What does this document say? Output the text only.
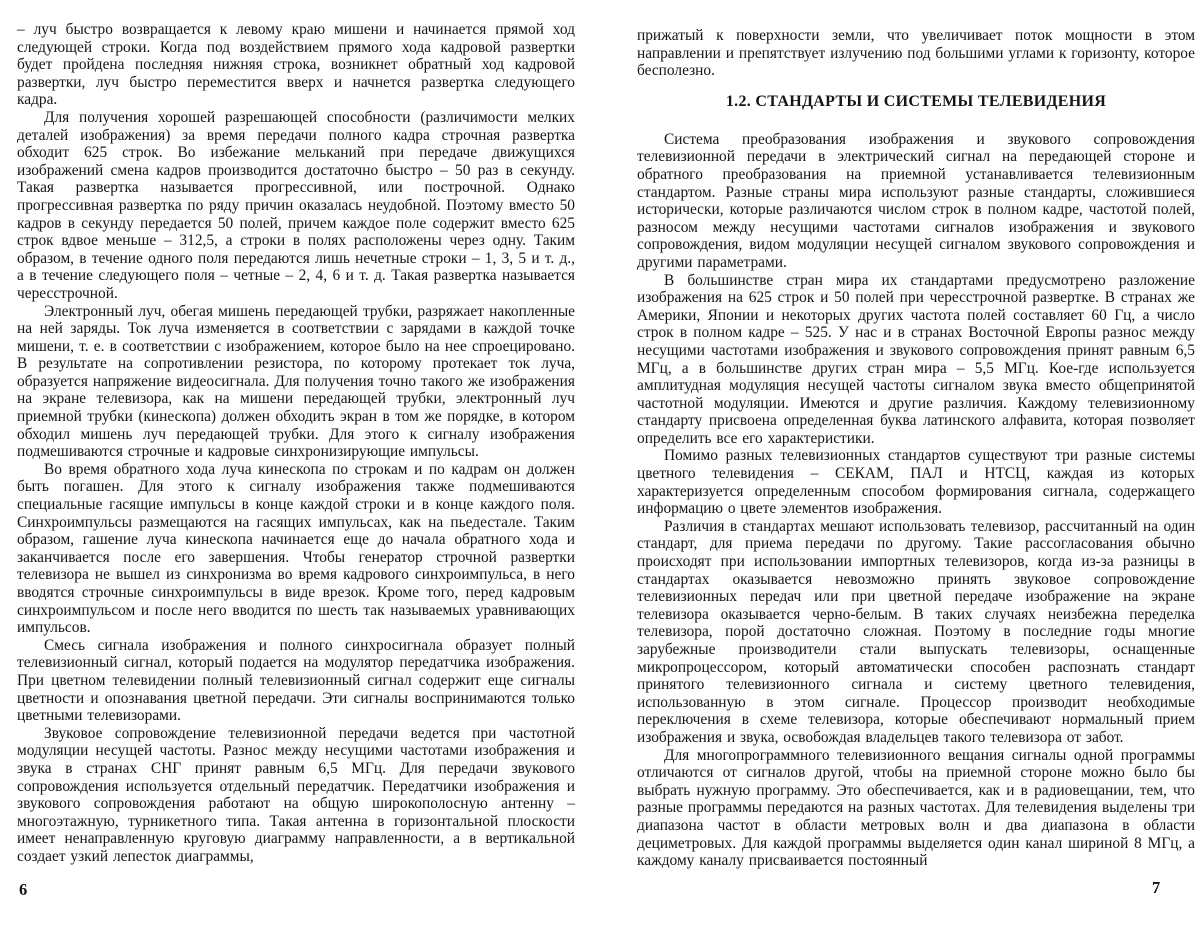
– луч быстро возвращается к левому краю мишени и начинается прямой ход следующей строки. Когда под воздействием прямого хода кадровой развертки будет пройдена последняя нижняя строка, возникнет обратный ход кадровой развертки, луч быстро переместится вверх и начнется развертка следующего кадра.

Для получения хорошей разрешающей способности (различимости мелких деталей изображения) за время передачи полного кадра строчная развертка обходит 625 строк. Во избежание мельканий при передаче движущихся изображений смена кадров производится достаточно быстро – 50 раз в секунду. Такая развертка называется прогрессивной, или построчной. Однако прогрессивная развертка по ряду причин оказалась неудобной. Поэтому вместо 50 кадров в секунду передается 50 полей, причем каждое поле содержит вместо 625 строк вдвое меньше – 312,5, а строки в полях расположены через одну. Таким образом, в течение одного поля передаются лишь нечетные строки – 1, 3, 5 и т. д., а в течение следующего поля – четные – 2, 4, 6 и т. д. Такая развертка называется чересстрочной.

Электронный луч, обегая мишень передающей трубки, разряжает накопленные на ней заряды. Ток луча изменяется в соответствии с зарядами в каждой точке мишени, т. е. в соответствии с изображением, которое было на нее спроецировано. В результате на сопротивлении резистора, по которому протекает ток луча, образуется напряжение видеосигнала. Для получения точно такого же изображения на экране телевизора, как на мишени передающей трубки, электронный луч приемной трубки (кинескопа) должен обходить экран в том же порядке, в котором обходил мишень луч передающей трубки. Для этого к сигналу изображения подмешиваются строчные и кадровые синхронизирующие импульсы.

Во время обратного хода луча кинескопа по строкам и по кадрам он должен быть погашен. Для этого к сигналу изображения также подмешиваются специальные гасящие импульсы в конце каждой строки и в конце каждого поля. Синхроимпульсы размещаются на гасящих импульсах, как на пьедестале. Таким образом, гашение луча кинескопа начинается еще до начала обратного хода и заканчивается после его завершения. Чтобы генератор строчной развертки телевизора не вышел из синхронизма во время кадрового синхроимпульса, в него вводятся строчные синхроимпульсы в виде врезок. Кроме того, перед кадровым синхроимпульсом и после него вводится по шесть так называемых уравнивающих импульсов.

Смесь сигнала изображения и полного синхросигнала образует полный телевизионный сигнал, который подается на модулятор передатчика изображения. При цветном телевидении полный телевизионный сигнал содержит еще сигналы цветности и опознавания цветной передачи. Эти сигналы воспринимаются только цветными телевизорами.

Звуковое сопровождение телевизионной передачи ведется при частотной модуляции несущей частоты. Разнос между несущими частотами изображения и звука в странах СНГ принят равным 6,5 МГц. Для передачи звукового сопровождения используется отдельный передатчик. Передатчики изображения и звукового сопровождения работают на общую широкополосную антенну – многоэтажную, турникетного типа. Такая антенна в горизонтальной плоскости имеет ненаправленную круговую диаграмму направленности, а в вертикальной создает узкий лепесток диаграммы,

прижатый к поверхности земли, что увеличивает поток мощности в этом направлении и препятствует излучению под большими углами к горизонту, которое бесполезно.

1.2. СТАНДАРТЫ И СИСТЕМЫ ТЕЛЕВИДЕНИЯ

Система преобразования изображения и звукового сопровождения телевизионной передачи в электрический сигнал на передающей стороне и обратного преобразования на приемной устанавливается телевизионным стандартом. Разные страны мира используют разные стандарты, сложившиеся исторически, которые различаются числом строк в полном кадре, частотой полей, разносом между несущими частотами сигналов изображения и звукового сопровождения, видом модуляции несущей сигналом звукового сопровождения и другими параметрами.

В большинстве стран мира их стандартами предусмотрено разложение изображения на 625 строк и 50 полей при чересстрочной развертке. В странах же Америки, Японии и некоторых других частота полей составляет 60 Гц, а число строк в полном кадре – 525. У нас и в странах Восточной Европы разнос между несущими частотами изображения и звукового сопровождения принят равным 6,5 МГц, а в большинстве других стран мира – 5,5 МГц. Кое-где используется амплитудная модуляция несущей частоты сигналом звука вместо общепринятой частотной модуляции. Имеются и другие различия. Каждому телевизионному стандарту присвоена определенная буква латинского алфавита, которая позволяет определить все его характеристики.

Помимо разных телевизионных стандартов существуют три разные системы цветного телевидения – СЕКАМ, ПАЛ и НТСЦ, каждая из которых характеризуется определенным способом формирования сигнала, содержащего информацию о цвете элементов изображения.

Различия в стандартах мешают использовать телевизор, рассчитанный на один стандарт, для приема передачи по другому. Такие рассогласования обычно происходят при использовании импортных телевизоров, когда из-за разницы в стандартах оказывается невозможно принять звуковое сопровождение телевизионных передач или при цветной передаче изображение на экране телевизора оказывается черно-белым. В таких случаях неизбежна переделка телевизора, порой достаточно сложная. Поэтому в последние годы многие зарубежные производители стали выпускать телевизоры, оснащенные микропроцессором, который автоматически способен распознать стандарт принятого телевизионного сигнала и систему цветного телевидения, использованную в этом сигнале. Процессор производит необходимые переключения в схеме телевизора, которые обеспечивают нормальный прием изображения и звука, освобождая владельцев такого телевизора от забот.

Для многопрограммного телевизионного вещания сигналы одной программы отличаются от сигналов другой, чтобы на приемной стороне можно было бы выбрать нужную программу. Это обеспечивается, как и в радиовещании, тем, что разные программы передаются на разных частотах. Для телевидения выделены три диапазона частот в области метровых волн и два диапазона в области дециметровых. Для каждой программы выделяется один канал шириной 8 МГц, а каждому каналу присваивается постоянный

6	7
